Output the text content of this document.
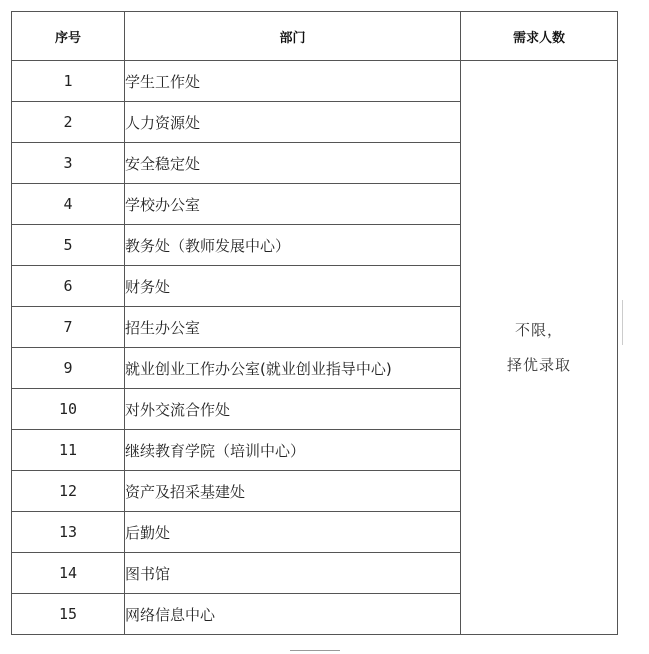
序号	部门	需求人数
1	学生工作处	不限，
择优录取

2	人力资源处	
3	安全稳定处	
4	学校办公室	
5	教务处（教师发展中心）	
6	财务处	
7	招生办公室	
9	就业创业工作办公室(就业创业指导中心)	
10	对外交流合作处	
11	继续教育学院（培训中心）	
12	资产及招采基建处	
13	后勤处	
14	图书馆	
15	网络信息中心	
